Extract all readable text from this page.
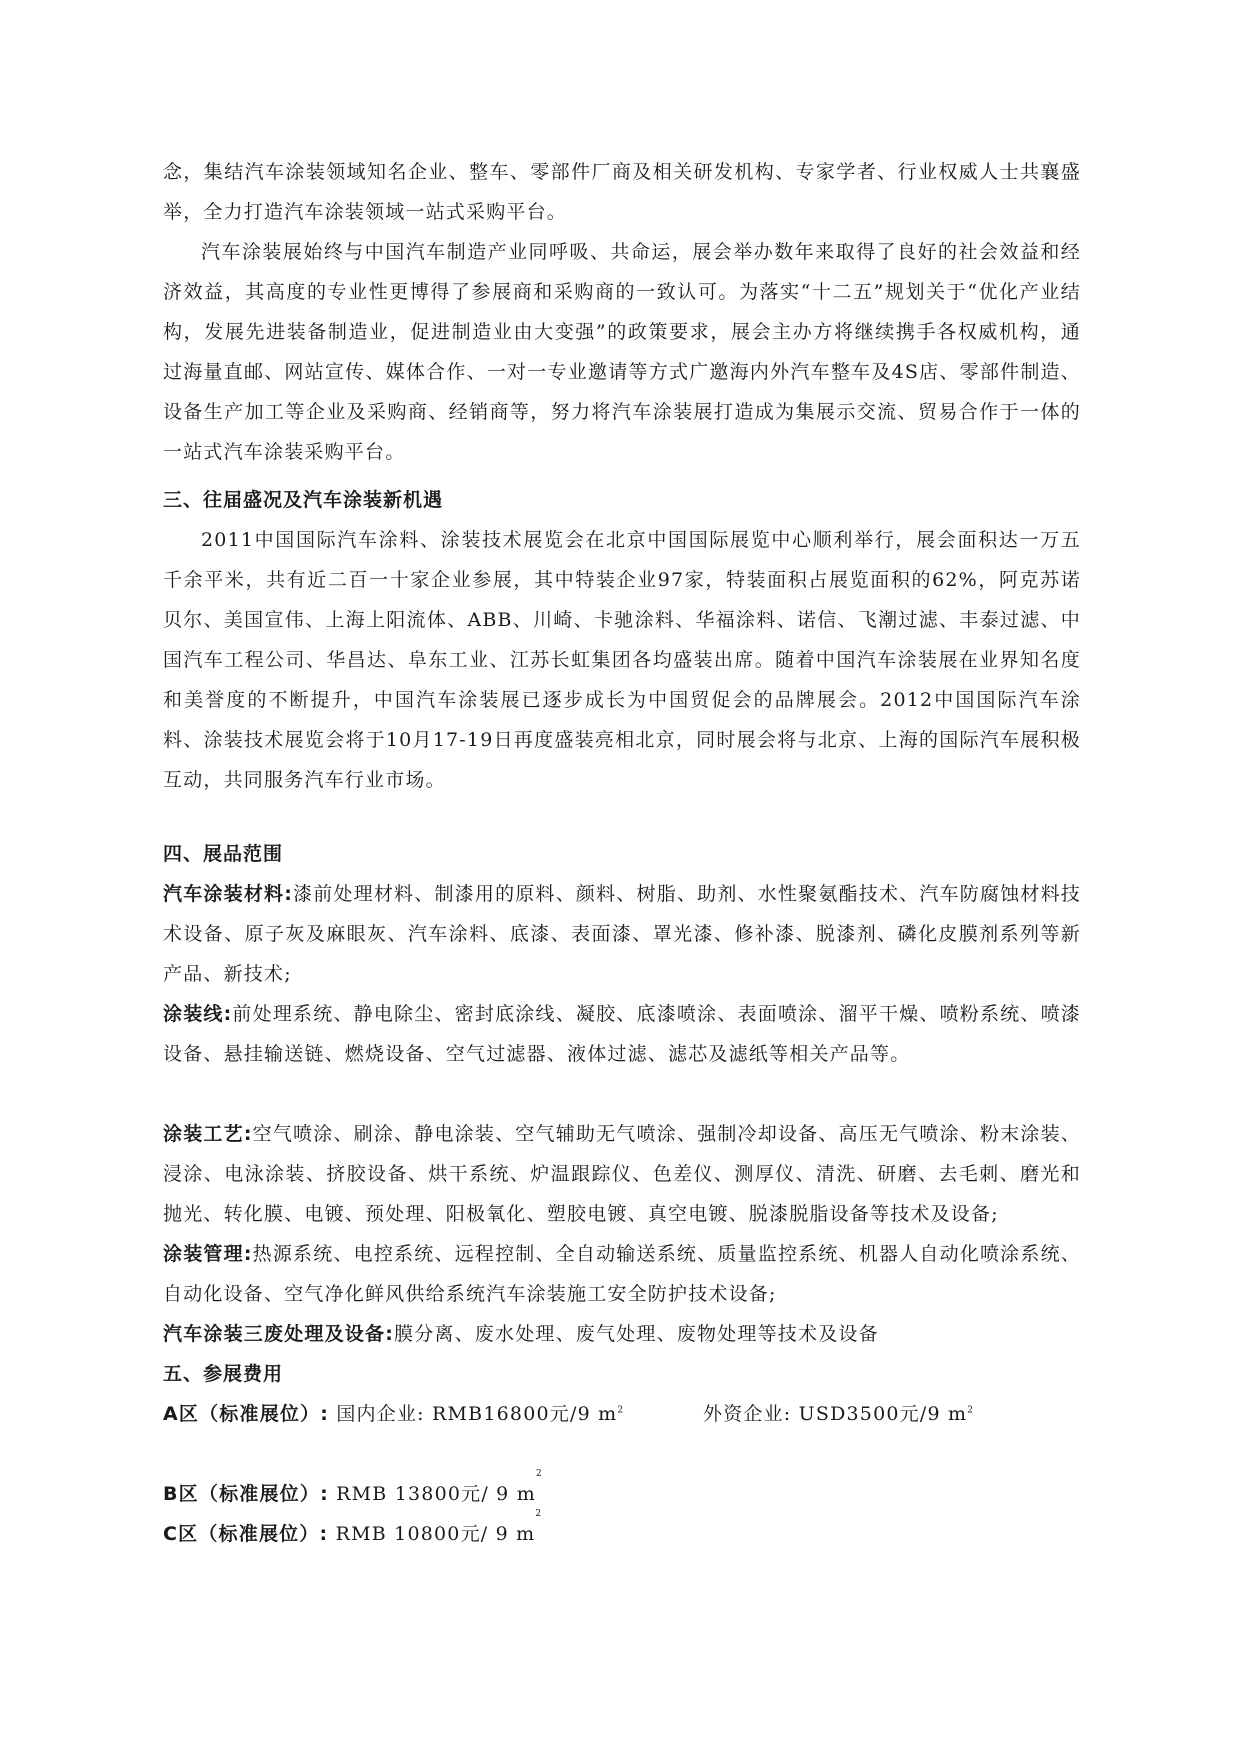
念，集结汽车涂装领域知名企业、整车、零部件厂商及相关研发机构、专家学者、行业权威人士共襄盛举，全力打造汽车涂装领域一站式采购平台。

汽车涂装展始终与中国汽车制造产业同呼吸、共命运，展会举办数年来取得了良好的社会效益和经济效益，其高度的专业性更博得了参展商和采购商的一致认可。为落实“十二五”规划关于“优化产业结构，发展先进装备制造业，促进制造业由大变强”的政策要求，展会主办方将继续携手各权威机构，通过海量直邮、网站宣传、媒体合作、一对一专业邀请等方式广邀海内外汽车整车及4S店、零部件制造、设备生产加工等企业及采购商、经销商等，努力将汽车涂装展打造成为集展示交流、贸易合作于一体的一站式汽车涂装采购平台。

三、往届盛况及汽车涂装新机遇

2011中国国际汽车涂料、涂装技术展览会在北京中国国际展览中心顺利举行，展会面积达一万五千余平米，共有近二百一十家企业参展，其中特装企业97家，特装面积占展览面积的62%，阿克苏诺贝尔、美国宣伟、上海上阳流体、ABB、川崎、卡驰涂料、华福涂料、诺信、飞潮过滤、丰泰过滤、中国汽车工程公司、华昌达、阜东工业、江苏长虹集团各均盛装出席。随着中国汽车涂装展在业界知名度和美誉度的不断提升，中国汽车涂装展已逐步成长为中国贸促会的品牌展会。2012中国国际汽车涂料、涂装技术展览会将于10月17-19日再度盛装亮相北京，同时展会将与北京、上海的国际汽车展积极互动，共同服务汽车行业市场。

四、展品范围

汽车涂装材料:漆前处理材料、制漆用的原料、颜料、树脂、助剂、水性聚氨酯技术、汽车防腐蚀材料技术设备、原子灰及麻眼灰、汽车涂料、底漆、表面漆、罩光漆、修补漆、脱漆剂、磷化皮膜剂系列等新产品、新技术;

涂装线:前处理系统、静电除尘、密封底涂线、凝胶、底漆喷涂、表面喷涂、溜平干燥、喷粉系统、喷漆设备、悬挂输送链、燃烧设备、空气过滤器、液体过滤、滤芯及滤纸等相关产品等。

涂装工艺:空气喷涂、刷涂、静电涂装、空气辅助无气喷涂、强制冷却设备、高压无气喷涂、粉末涂装、浸涂、电泳涂装、挤胶设备、烘干系统、炉温跟踪仪、色差仪、测厚仪、清洗、研磨、去毛刺、磨光和抛光、转化膜、电镀、预处理、阳极氧化、塑胶电镀、真空电镀、脱漆脱脂设备等技术及设备;

涂装管理:热源系统、电控系统、远程控制、全自动输送系统、质量监控系统、机器人自动化喷涂系统、自动化设备、空气净化鲜风供给系统汽车涂装施工安全防护技术设备;

汽车涂装三废处理及设备:膜分离、废水处理、废气处理、废物处理等技术及设备

五、参展费用

A区（标准展位）: 国内企业: RMB16800元/9 $m^2$	外资企业: USD3500元/9 $m^2$

B区（标准展位）:
RMB 13800元/ 9 m
2

C区（标准展位）:
RMB 10800元/ 9 m
2
